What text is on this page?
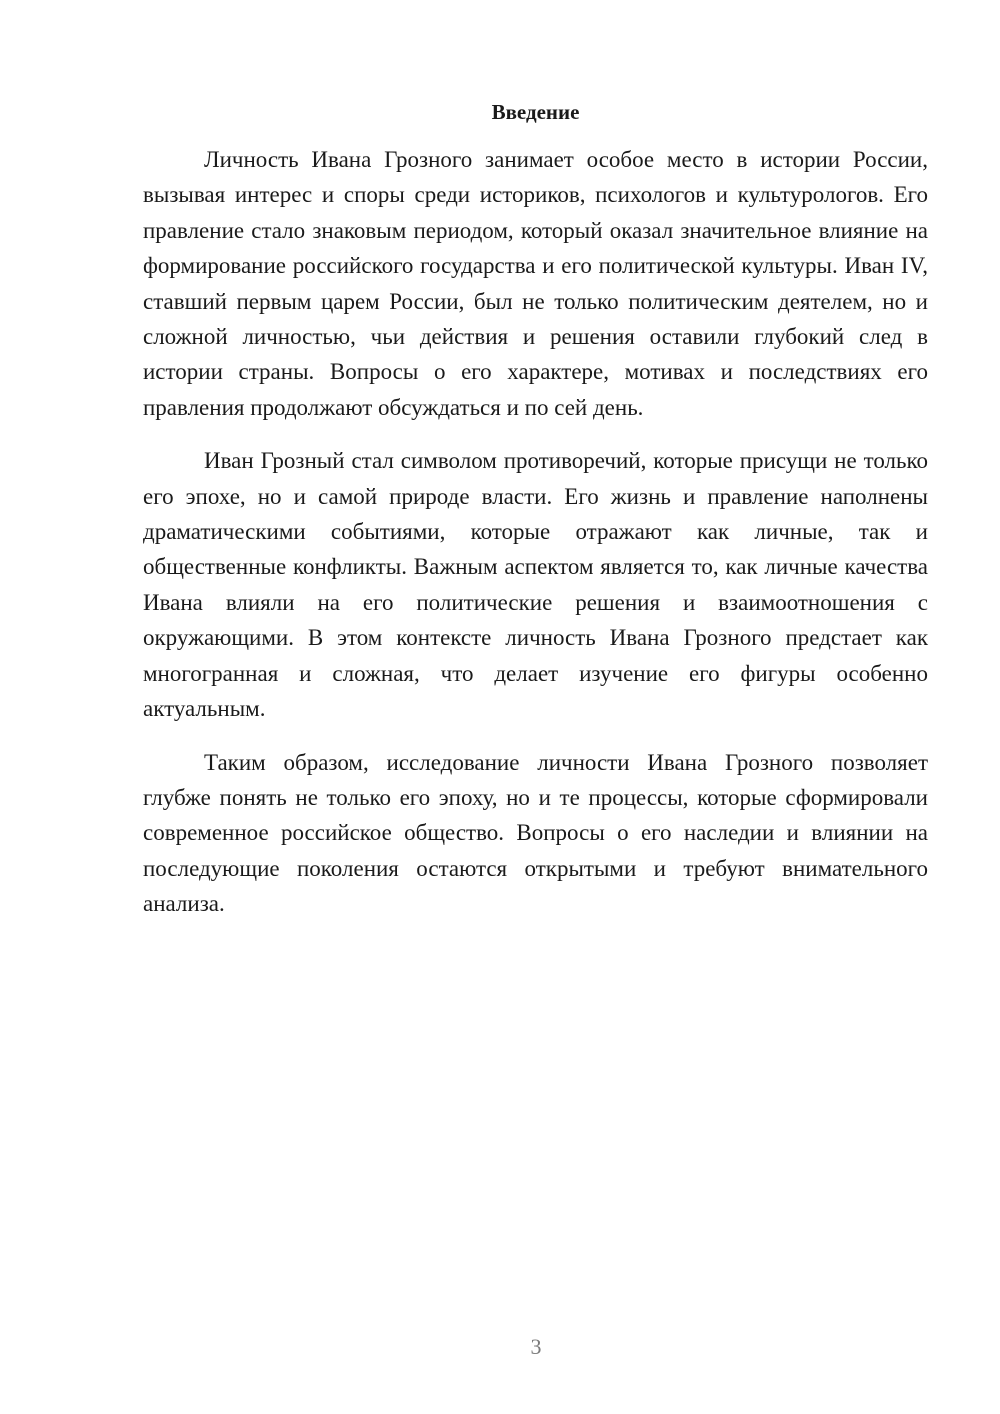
Введение

Личность Ивана Грозного занимает особое место в истории России, вызывая интерес и споры среди историков, психологов и культурологов. Его правление стало знаковым периодом, который оказал значительное влияние на формирование российского государства и его политической культуры. Иван IV, ставший первым царем России, был не только политическим деятелем, но и сложной личностью, чьи действия и решения оставили глубокий след в истории страны. Вопросы о его характере, мотивах и последствиях его правления продолжают обсуждаться и по сей день.

Иван Грозный стал символом противоречий, которые присущи не только его эпохе, но и самой природе власти. Его жизнь и правление наполнены драматическими событиями, которые отражают как личные, так и общественные конфликты. Важным аспектом является то, как личные качества Ивана влияли на его политические решения и взаимоотношения с окружающими. В этом контексте личность Ивана Грозного предстает как многогранная и сложная, что делает изучение его фигуры особенно актуальным.

Таким образом, исследование личности Ивана Грозного позволяет глубже понять не только его эпоху, но и те процессы, которые сформировали современное российское общество. Вопросы о его наследии и влиянии на последующие поколения остаются открытыми и требуют внимательного анализа.

3
